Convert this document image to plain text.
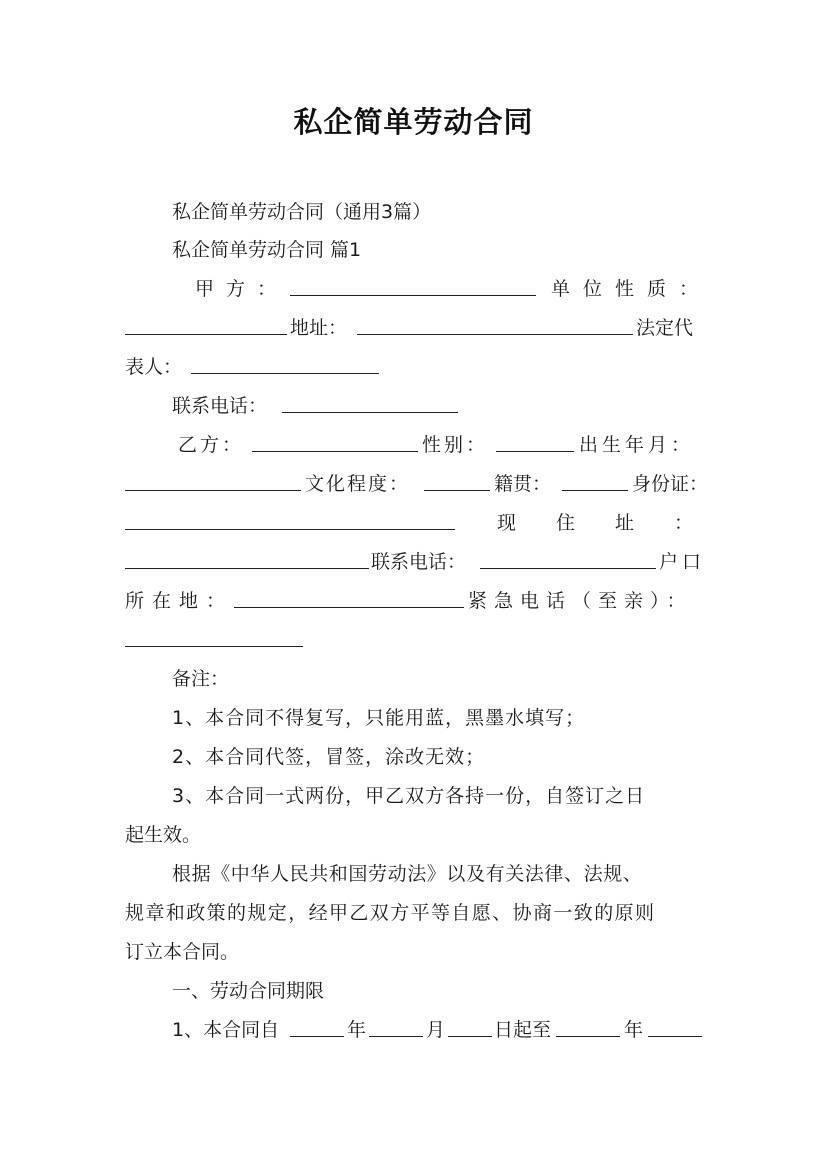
私企简单劳动合同
私企简单劳动合同（通用3篇）
私企简单劳动合同 篇1
甲方：	单位性质：
地址：	法定代
表人：
联系电话：
乙方：	性别：	出生年月：
文化程度：	籍贯：	身份证：
现住址：
联系电话：	户口
所在地：	紧急电话（至亲）：
备注：
1、本合同不得复写，只能用蓝，黑墨水填写；
2、本合同代签，冒签，涂改无效；
3、本合同一式两份，甲乙双方各持一份，自签订之日
起生效。
根据《中华人民共和国劳动法》以及有关法律、法规、
规章和政策的规定，经甲乙双方平等自愿、协商一致的原则
订立本合同。
一、劳动合同期限
1、本合同自	年	月	日起至	年
